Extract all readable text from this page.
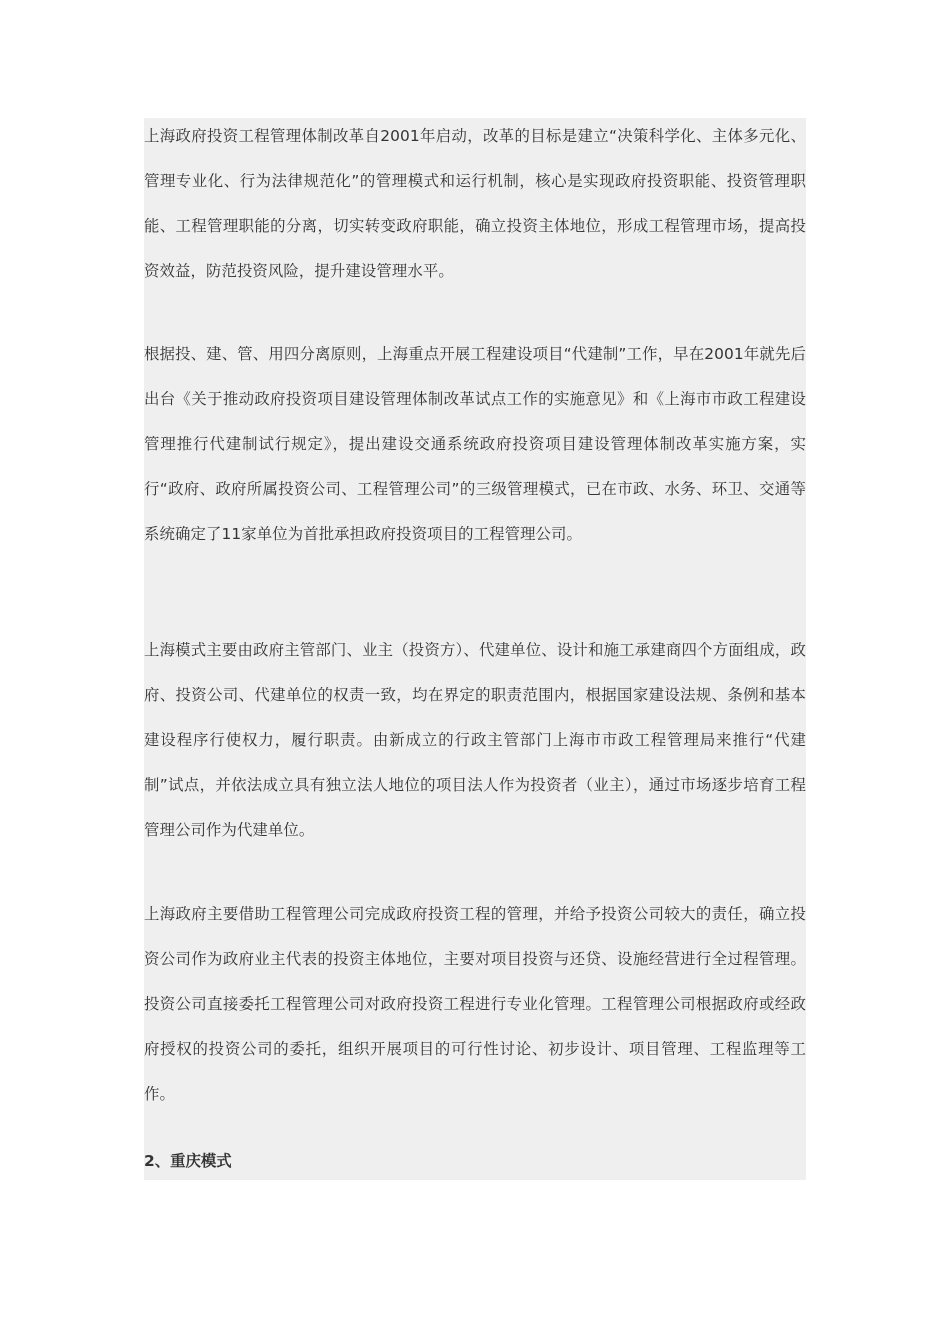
上海政府投资工程管理体制改革自2001年启动，改革的目标是建立“决策科学化、主体多元化、管理专业化、行为法律规范化”的管理模式和运行机制，核心是实现政府投资职能、投资管理职能、工程管理职能的分离，切实转变政府职能，确立投资主体地位，形成工程管理市场，提高投资效益，防范投资风险，提升建设管理水平。

根据投、建、管、用四分离原则，上海重点开展工程建设项目“代建制”工作，早在2001年就先后出台《关于推动政府投资项目建设管理体制改革试点工作的实施意见》和《上海市市政工程建设管理推行代建制试行规定》，提出建设交通系统政府投资项目建设管理体制改革实施方案，实行“政府、政府所属投资公司、工程管理公司”的三级管理模式，已在市政、水务、环卫、交通等系统确定了11家单位为首批承担政府投资项目的工程管理公司。

上海模式主要由政府主管部门、业主（投资方）、代建单位、设计和施工承建商四个方面组成，政府、投资公司、代建单位的权责一致，均在界定的职责范围内，根据国家建设法规、条例和基本建设程序行使权力，履行职责。由新成立的行政主管部门上海市市政工程管理局来推行“代建制”试点，并依法成立具有独立法人地位的项目法人作为投资者（业主），通过市场逐步培育工程管理公司作为代建单位。

上海政府主要借助工程管理公司完成政府投资工程的管理，并给予投资公司较大的责任，确立投资公司作为政府业主代表的投资主体地位，主要对项目投资与还贷、设施经营进行全过程管理。投资公司直接委托工程管理公司对政府投资工程进行专业化管理。工程管理公司根据政府或经政府授权的投资公司的委托，组织开展项目的可行性讨论、初步设计、项目管理、工程监理等工作。

2、重庆模式
